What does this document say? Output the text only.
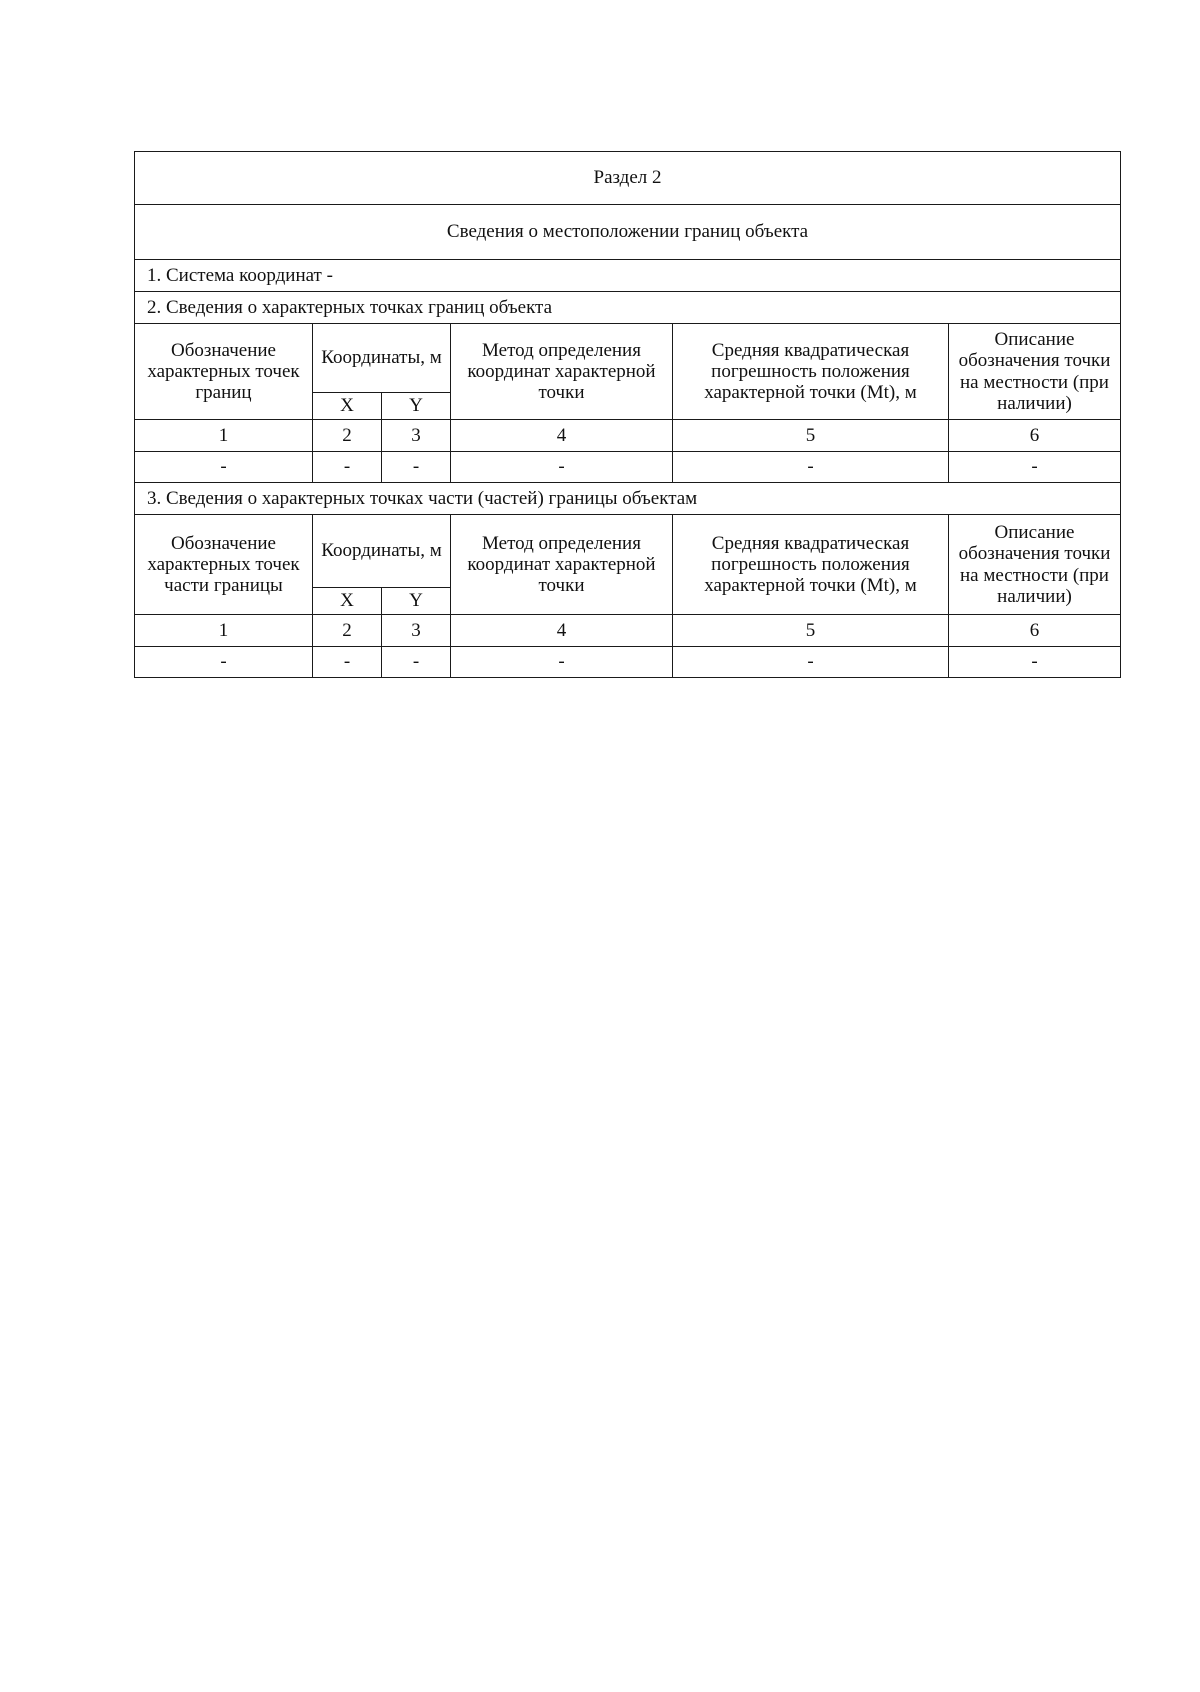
Раздел 2					
Сведения о местоположении границ объекта					
1. Система координат -					
2. Сведения о характерных точках границ объекта					
Обозначение характерных точек границ	Координаты, м		Метод определения координат характерной точки	Средняя квадратическая погрешность положения характерной точки (Mt), м	Описание обозначения точки на местности (при наличии)
	X	Y			
1	2	3	4	5	6
-	-	-	-	-	-
3. Сведения о характерных точках части (частей) границы объектам					
Обозначение характерных точек части границы	Координаты, м		Метод определения координат характерной точки	Средняя квадратическая погрешность положения характерной точки (Mt), м	Описание обозначения точки на местности (при наличии)
	X	Y			
1	2	3	4	5	6
-	-	-	-	-	-
